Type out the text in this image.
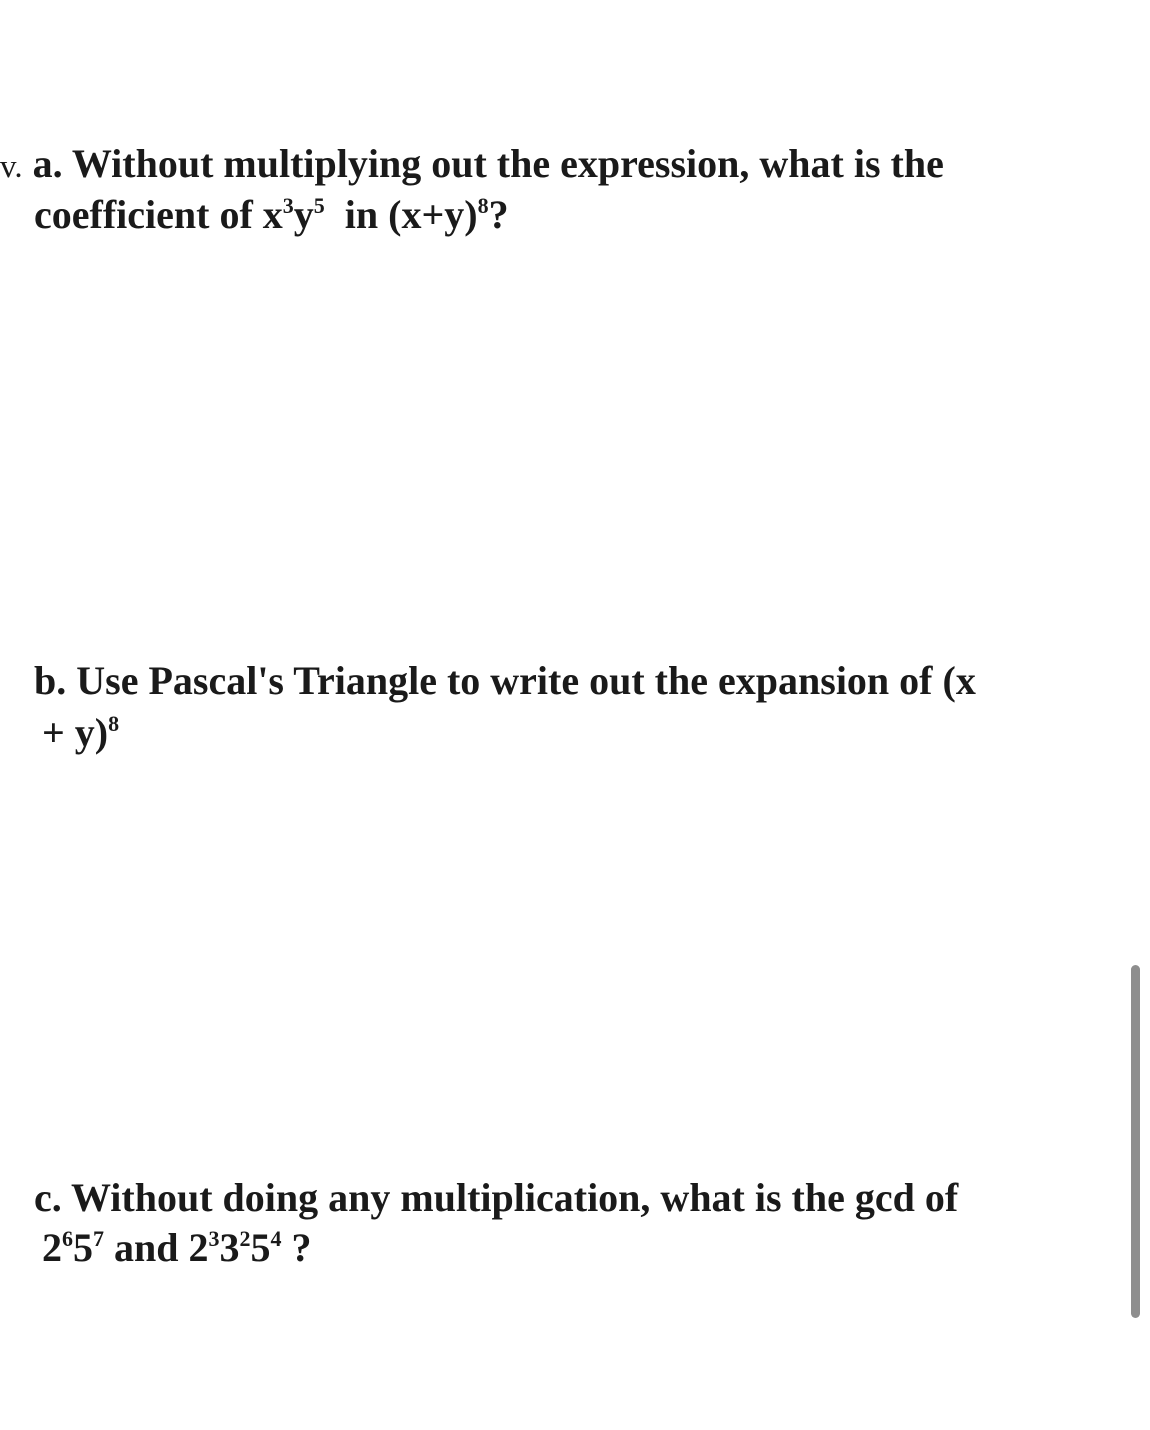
v. a. Without multiplying out the expression, what is the
coefficient of $x^3y^5$  in $(x+y)^8$?
b. Use Pascal's Triangle to write out the expansion of (x
+ y)$^8$
c. Without doing any multiplication, what is the gcd of
$2^65^7$ and $2^33^25^4$ ?
